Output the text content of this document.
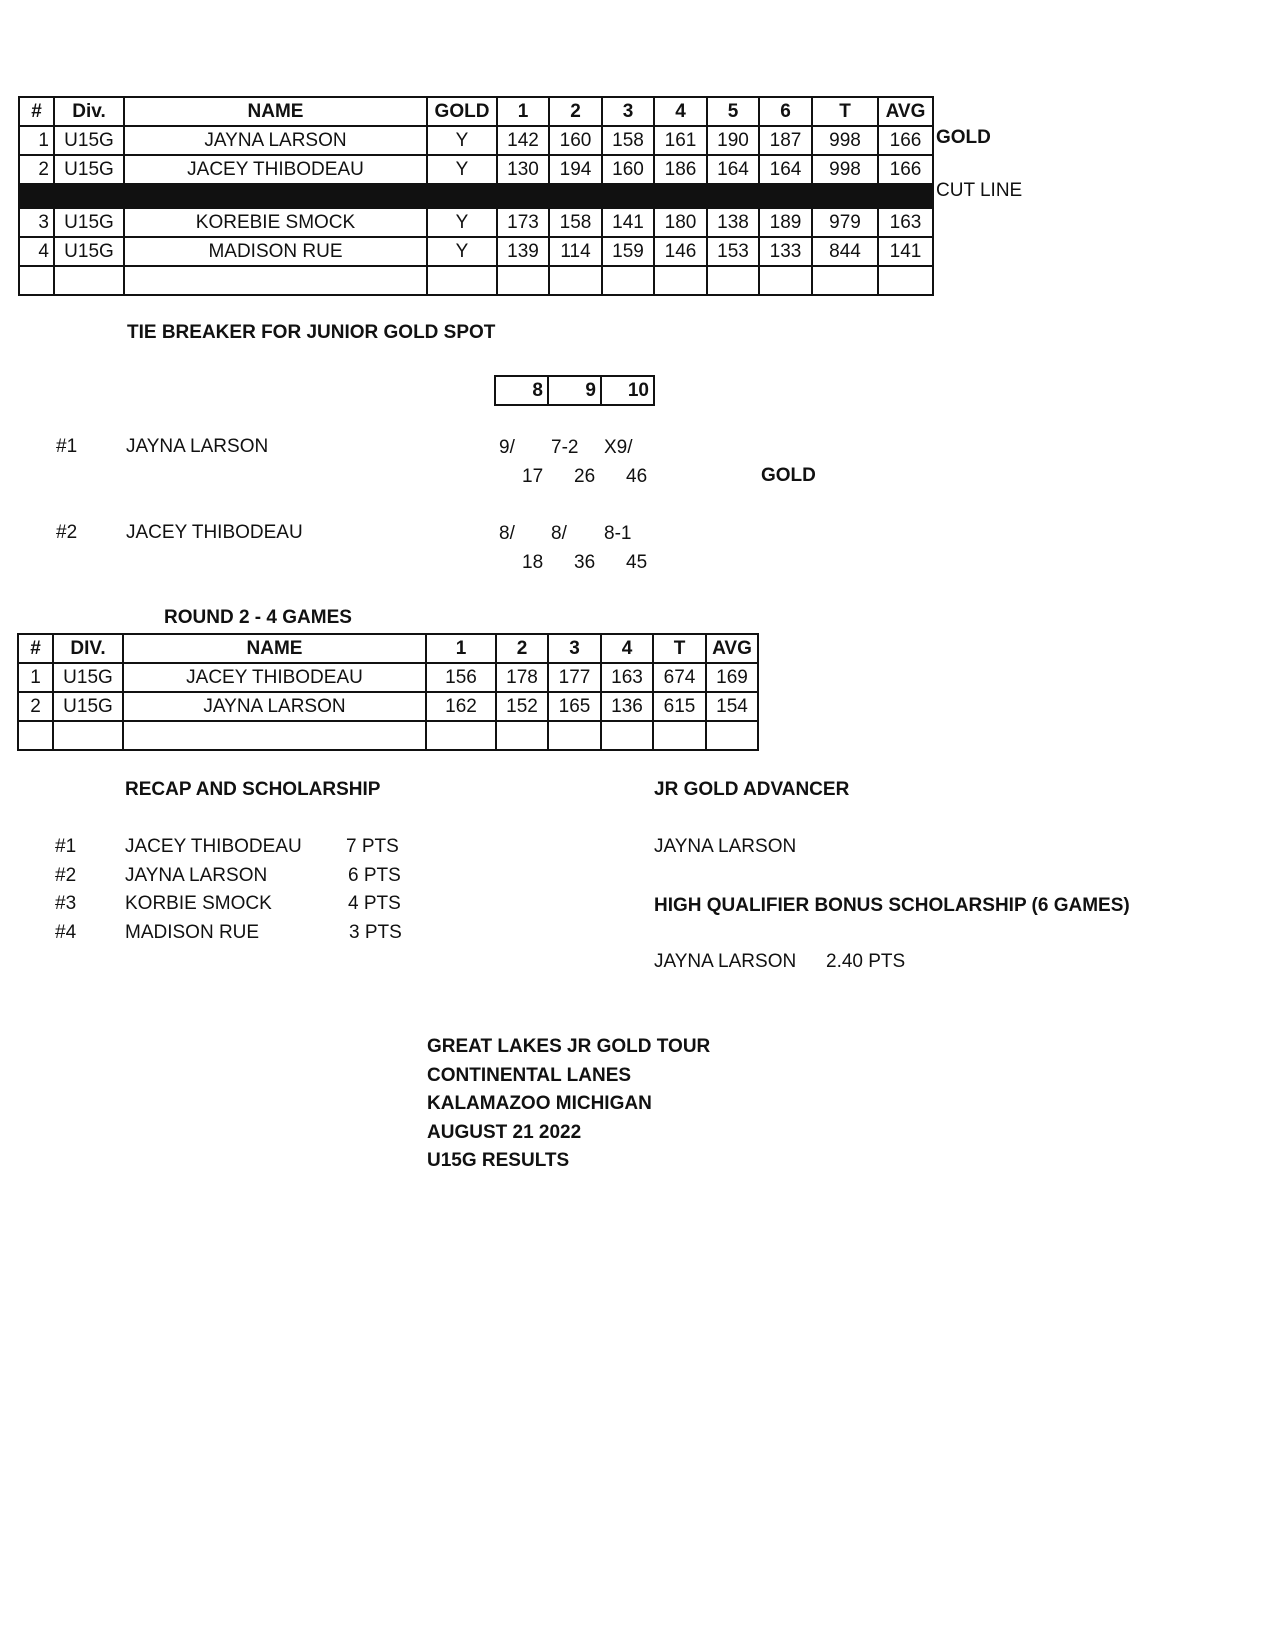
#	Div.	NAME	GOLD	1	2	3	4	5	6	T	AVG
1	U15G	JAYNA LARSON	Y	142	160	158	161	190	187	998	166
2	U15G	JACEY THIBODEAU	Y	130	194	160	186	164	164	998	166

3	U15G	KOREBIE SMOCK	Y	173	158	141	180	138	189	979	163
4	U15G	MADISON RUE	Y	139	114	159	146	153	133	844	141

GOLD
CUT LINE
TIE BREAKER FOR JUNIOR GOLD SPOT
8	9	10
#1	JAYNA LARSON	9/ 7-2 X9/
17 26 46	GOLD
#2	JACEY THIBODEAU	8/ 8/ 8-1
18 36 45
ROUND 2 - 4 GAMES
#	DIV.	NAME	1	2	3	4	T	AVG
1	U15G	JACEY THIBODEAU	156	178	177	163	674	169
2	U15G	JAYNA LARSON	162	152	165	136	615	154

RECAP AND SCHOLARSHIP
#1	JACEY THIBODEAU 7 PTS
#2	JAYNA LARSON	6 PTS
#3	KORBIE SMOCK	4 PTS
#4	MADISON RUE	3 PTS
JR GOLD ADVANCER
JAYNA LARSON
HIGH QUALIFIER BONUS SCHOLARSHIP (6 GAMES)
JAYNA LARSON 2.40 PTS
GREAT LAKES JR GOLD TOUR
CONTINENTAL LANES
KALAMAZOO MICHIGAN
AUGUST 21 2022
U15G RESULTS
